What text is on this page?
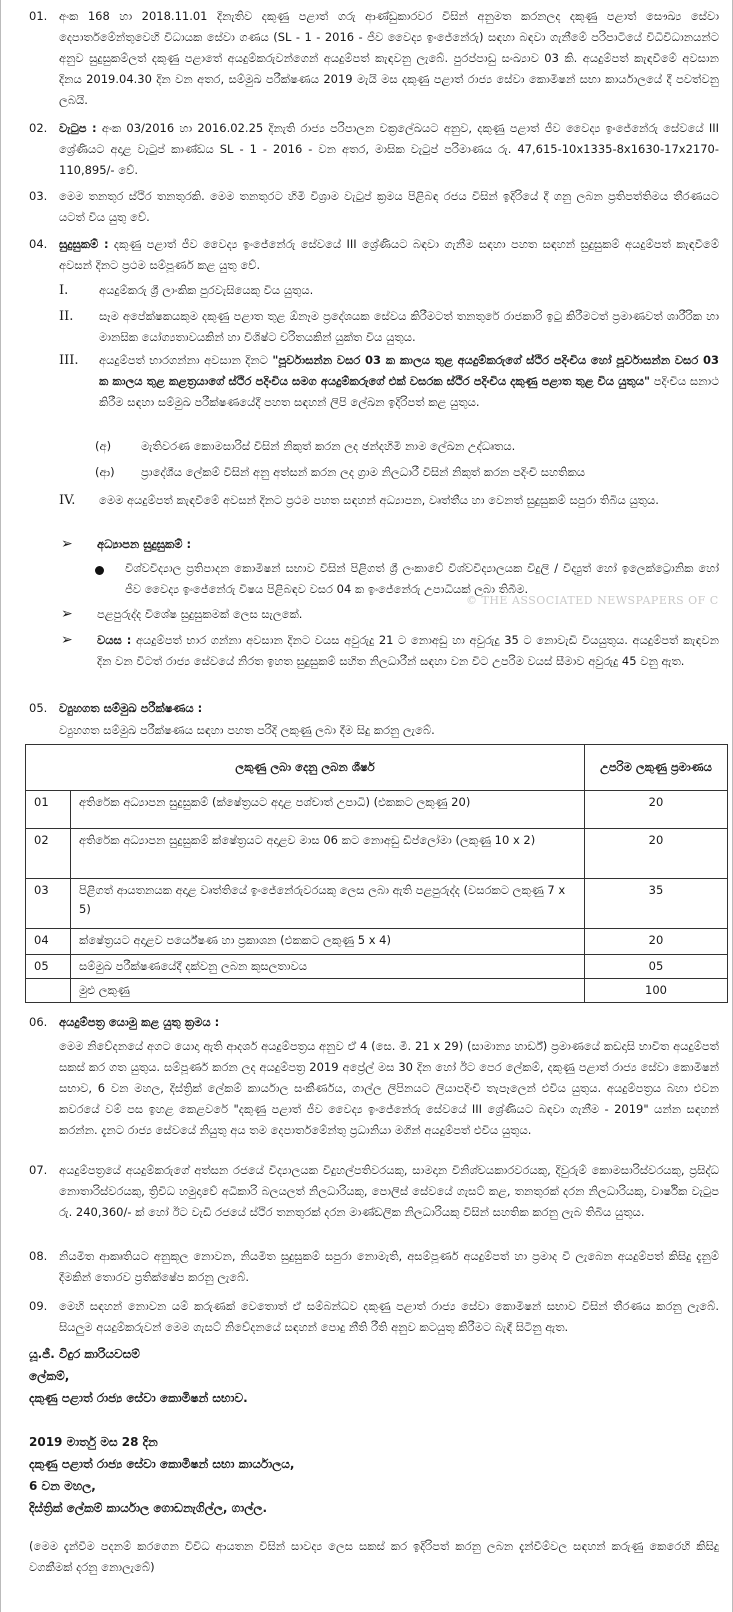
01. අංක 168 හා 2018.11.01 දිනැතිව දකුණු පළාත් ගරු ආණ්ඩුකාරවර විසින් අනුමත කරනලද දකුණු පළාත් සෞඛ්‍ය සේවා දෙපාර්තමේන්තුවෙහි විධායක සේවා ගණය (SL - 1 - 2016 - ජීව වෛද්‍ය ඉංජේනේරු) සඳහා බඳවා ගැනීමේ පරිපාටියේ විධිවිධානයන්ට අනුව සුදුසුකම්ලත් දකුණු පළාතේ අයදුම්කරුවන්ගෙන් අයදුම්පත් කැඳවනු ලැබේ. පුරප්පාඩු සංඛ්‍යාව 03 කි. අයදුම්පත් කැඳවීමේ අවසාන දිනය 2019.04.30 දින වන අතර, සම්මුඛ පරීක්ෂණය 2019 මැයි මස දකුණු පළාත් රාජ්‍ය සේවා කොමිෂන් සභා කාර්යාලයේ දී පවත්වනු ලබයි.
02. වැටුප : අංක 03/2016 හා 2016.02.25 දිනැති රාජ්‍ය පරිපාලන චක්‍රලේඛයට අනුව, දකුණු පළාත් ජීව වෛද්‍ය ඉංජේනේරු සේවයේ III ශ්‍රේණියට අදාළ වැටුප් කාණ්ඩය SL - 1 - 2016 - වන අතර, මාසික වැටුප් පරිමාණය රු. 47,615-10x1335-8x1630-17x2170-110,895/- වේ.
03. මෙම තනතුර ස්ථිර තනතුරකි. මෙම තනතුරට හිමි විශ්‍රාම වැටුප් ක්‍රමය පිළිබඳ රජය විසින් ඉදිරියේ දී ගනු ලබන ප්‍රතිපත්තිමය තීරණයට යටත් විය යුතු වේ.
04. සුදුසුකම් : දකුණු පළාත් ජීව වෛද්‍ය ඉංජේනේරු සේවයේ III ශ්‍රේණියට බඳවා ගැනීම සඳහා පහත සඳහන් සුදුසුකම් අයදුම්පත් කැඳවීමේ අවසන් දිනට ප්‍රථම සම්පූර්ණ කළ යුතු වේ.
I.	අයදුම්කරු ශ්‍රී ලාංකික පුරවැසියෙකු විය යුතුය.
II. සෑම අපේක්ෂකයකුම දකුණු පළාත තුළ ඕනෑම ප්‍රදේශයක සේවය කිරීමටත් තනතුරේ රාජකාරි ඉටු කිරීමටත් ප්‍රමාණවත් ශාරීරික හා මානසික යෝග්‍යතාවයකින් හා විශිෂ්ට චරිතයකින් යුක්ත විය යුතුය.
III. අයදුම්පත් භාරගන්නා අවසාන දිනට "පූර්වාසන්න වසර 03 ක කාලය තුළ අයදුම්කරුගේ ස්ථිර පදිංචිය හෝ පූර්වාසන්න වසර 03 ක කාලය තුළ කළත්‍රයාගේ ස්ථිර පදිංචිය සමග අයදුම්කරුගේ එක් වසරක ස්ථිර පදිංචිය දකුණු පළාත තුළ විය යුතුය" පදිංචිය සනාථ කිරීම සඳහා සම්මුඛ පරීක්ෂණයේදී පහත සඳහන් ලිපි ලේඛන ඉදිරිපත් කළ යුතුය.
(අ)	මැතිවරණ කොමසාරිස් විසින් නිකුත් කරන ලද ඡන්දහිමි නාම ලේඛන උද්ධෘතය.
(ආ) ප්‍රාදේශීය ලේකම් විසින් අනු අත්සන් කරන ලද ග්‍රාම නිලධාරී විසින් නිකුත් කරන පදිංචි සහතිකය
IV. මෙම අයදුම්පත් කැඳවීමේ අවසන් දිනට ප්‍රථම පහත සඳහන් අධ්‍යාපන, වෘත්තීය හා වෙනත් සුදුසුකම් සපුරා තිබිය යුතුය.
➢ අධ්‍යාපන සුදුසුකම් :
විශ්වවිද්‍යාල ප්‍රතිපාදන කොමිෂන් සභාව විසින් පිළිගත් ශ්‍රී ලංකාවේ විශ්වවිද්‍යාලයක විදුලි / විද්‍යුත් හෝ ඉලෙක්ට්‍රොනික හෝ ජීව වෛද්‍ය ඉංජේනේරු විෂය පිළිබඳව වසර 04 ක ඉංජේනේරු උපාධියක් ලබා තිබීම.
© THE ASSOCIATED NEWSPAPERS OF C
➢ පළපුරුද්ද විශේෂ සුදුසුකමක් ලෙස සැලකේ.
➢ වයස : අයදුම්පත් භාර ගන්නා අවසාන දිනට වයස අවුරුදු 21 ට නොඅඩු හා අවුරුදු 35 ට නොවැඩි වියයුතුය. අයදුම්පත් කැඳවන දින වන විටත් රාජ්‍ය සේවයේ නිරත ඉහත සුදුසුකම් සහිත නිලධාරීන් සඳහා වන විට උපරිම වයස් සීමාව අවුරුදු 45 වනු ඇත.
05. ව්‍යුහගත සම්මුඛ පරීක්ෂණය :
ව්‍යුහගත සම්මුඛ පරීක්ෂණය සඳහා පහත පරිදි ලකුණු ලබා දීම සිදු කරනු ලැබේ.
ලකුණු ලබා දෙනු ලබන ශීර්ෂ		උපරිම ලකුණු ප්‍රමාණය
01	අතිරේක අධ්‍යාපන සුදුසුකම් (ක්ෂේත්‍රයට අදාළ පශ්චාත් උපාධි) (එකකට ලකුණු 20)	20
02	අතිරේක අධ්‍යාපන සුදුසුකම් ක්ෂේත්‍රයට අදාළව මාස 06 කට නොඅඩු ඩිප්ලෝමා (ලකුණු 10 x 2)	20
03	පිළිගත් ආයතනයක අදාළ වෘත්තියේ ඉංජේනේරුවරයකු ලෙස ලබා ඇති පළපුරුද්ද (වසරකට ලකුණු 7 x 5)	35
04	ක්ෂේත්‍රයට අදාළව පර්යේෂණ හා ප්‍රකාශන (එකකට ලකුණු 5 x 4)	20
05	සම්මුඛ පරීක්ෂණයේදී දක්වනු ලබන කුසලතාවය	05
	මුළු ලකුණු	100
06. අයදුම්පත්‍ර යොමු කළ යුතු ක්‍රමය :
මෙම නිවේදනයේ අගට යොදා ඇති ආදර්ශ අයදුම්පත්‍රය අනුව ඒ 4 (සෙ. මී. 21 x 29) (සාමාන්‍ය හාර්ඩ්) ප්‍රමාණයේ කඩදාසි භාවිත අයදුම්පත් සකස් කර ගත යුතුය. සම්පූර්ණ කරන ලද අයදුම්පත්‍ර 2019 අප්‍රේල් මස 30 දින හෝ ඊට පෙර ලේකම්, දකුණු පළාත් රාජ්‍ය සේවා කොමිෂන් සභාව, 6 වන මහල, දිස්ත්‍රික් ලේකම් කාර්යාල සංකීර්ණය, ගාල්ල ලිපිනයට ලියාපදිංචි තැපෑලෙන් එවිය යුතුය. අයදුම්පත්‍රය බහා එවන කවරයේ වම් පස ඉහළ කෙළවරේ "දකුණු පළාත් ජීව වෛද්‍ය ඉංජේනේරු සේවයේ III ශ්‍රේණියට බඳවා ගැනීම - 2019" යන්න සඳහන් කරන්න. දැනට රාජ්‍ය සේවයේ නියුතු අය තම දෙපාර්තමේන්තු ප්‍රධානියා මගින් අයදුම්පත් එවිය යුතුය.
07. අයදුම්පත්‍රයේ අයදුම්කරුගේ අත්සන රජයේ විද්‍යාලයක විදුහල්පතිවරයකු, සාමදාන විනිශ්චයකාරවරයකු, දිවුරුම් කොමසාරිස්වරයකු, ප්‍රසිද්ධ නොතාරිස්වරයකු, ත්‍රිවිධ හමුදාවේ අධිකාරි බලයලත් නිලධාරියකු, පොලිස් සේවයේ ගැසට් කළ, තනතුරක් දරන නිලධාරියකු, වාර්ෂික වැටුප රු. 240,360/- ක් හෝ ඊට වැඩි රජයේ ස්ථිර තනතුරක් දරන මාණ්ඩලික නිලධාරියකු විසින් සහතික කරනු ලැබ තිබිය යුතුය.
08. නියමිත ආකෘතියට අනුකූල නොවන, නියමිත සුදුසුකම් සපුරා නොමැති, අසම්පූර්ණ අයදුම්පත් හා ප්‍රමාද වී ලැබෙන අයදුම්පත් කිසිදු දැනුම් දීමකින් තොරව ප්‍රතික්ෂේප කරනු ලැබේ.
09. මෙහි සඳහන් නොවන යම් කරුණක් වෙතොත් ඒ සම්බන්ධව දකුණු පළාත් රාජ්‍ය සේවා කොමිෂන් සභාව විසින් තීරණය කරනු ලැබේ. සියලුම අයදුම්කරුවන් මෙම ගැසට් නිවේදනයේ සඳහන් පොදු නීති රීති අනුව කටයුතු කිරීමට බැඳී සිටිනු ඇත.
යූ.ජී. විදුර කාරියවසම්
ලේකම්,
දකුණු පළාත් රාජ්‍ය සේවා කොමිෂන් සභාව.
2019 මාර්තු මස 28 දින
දකුණු පළාත් රාජ්‍ය සේවා කොමිෂන් සභා කාර්යාලය,
6 වන මහල,
දිස්ත්‍රික් ලේකම් කාර්යාල ගොඩනැගිල්ල, ගාල්ල.
(මෙම දැන්වීම පදනම් කරගෙන විවිධ ආයතන විසින් සාවද්‍ය ලෙස සකස් කර ඉදිරිපත් කරනු ලබන දැන්වීම්වල සඳහන් කරුණු කෙරෙහි කිසිදු වගකීමක් දරනු නොලැබේ)
